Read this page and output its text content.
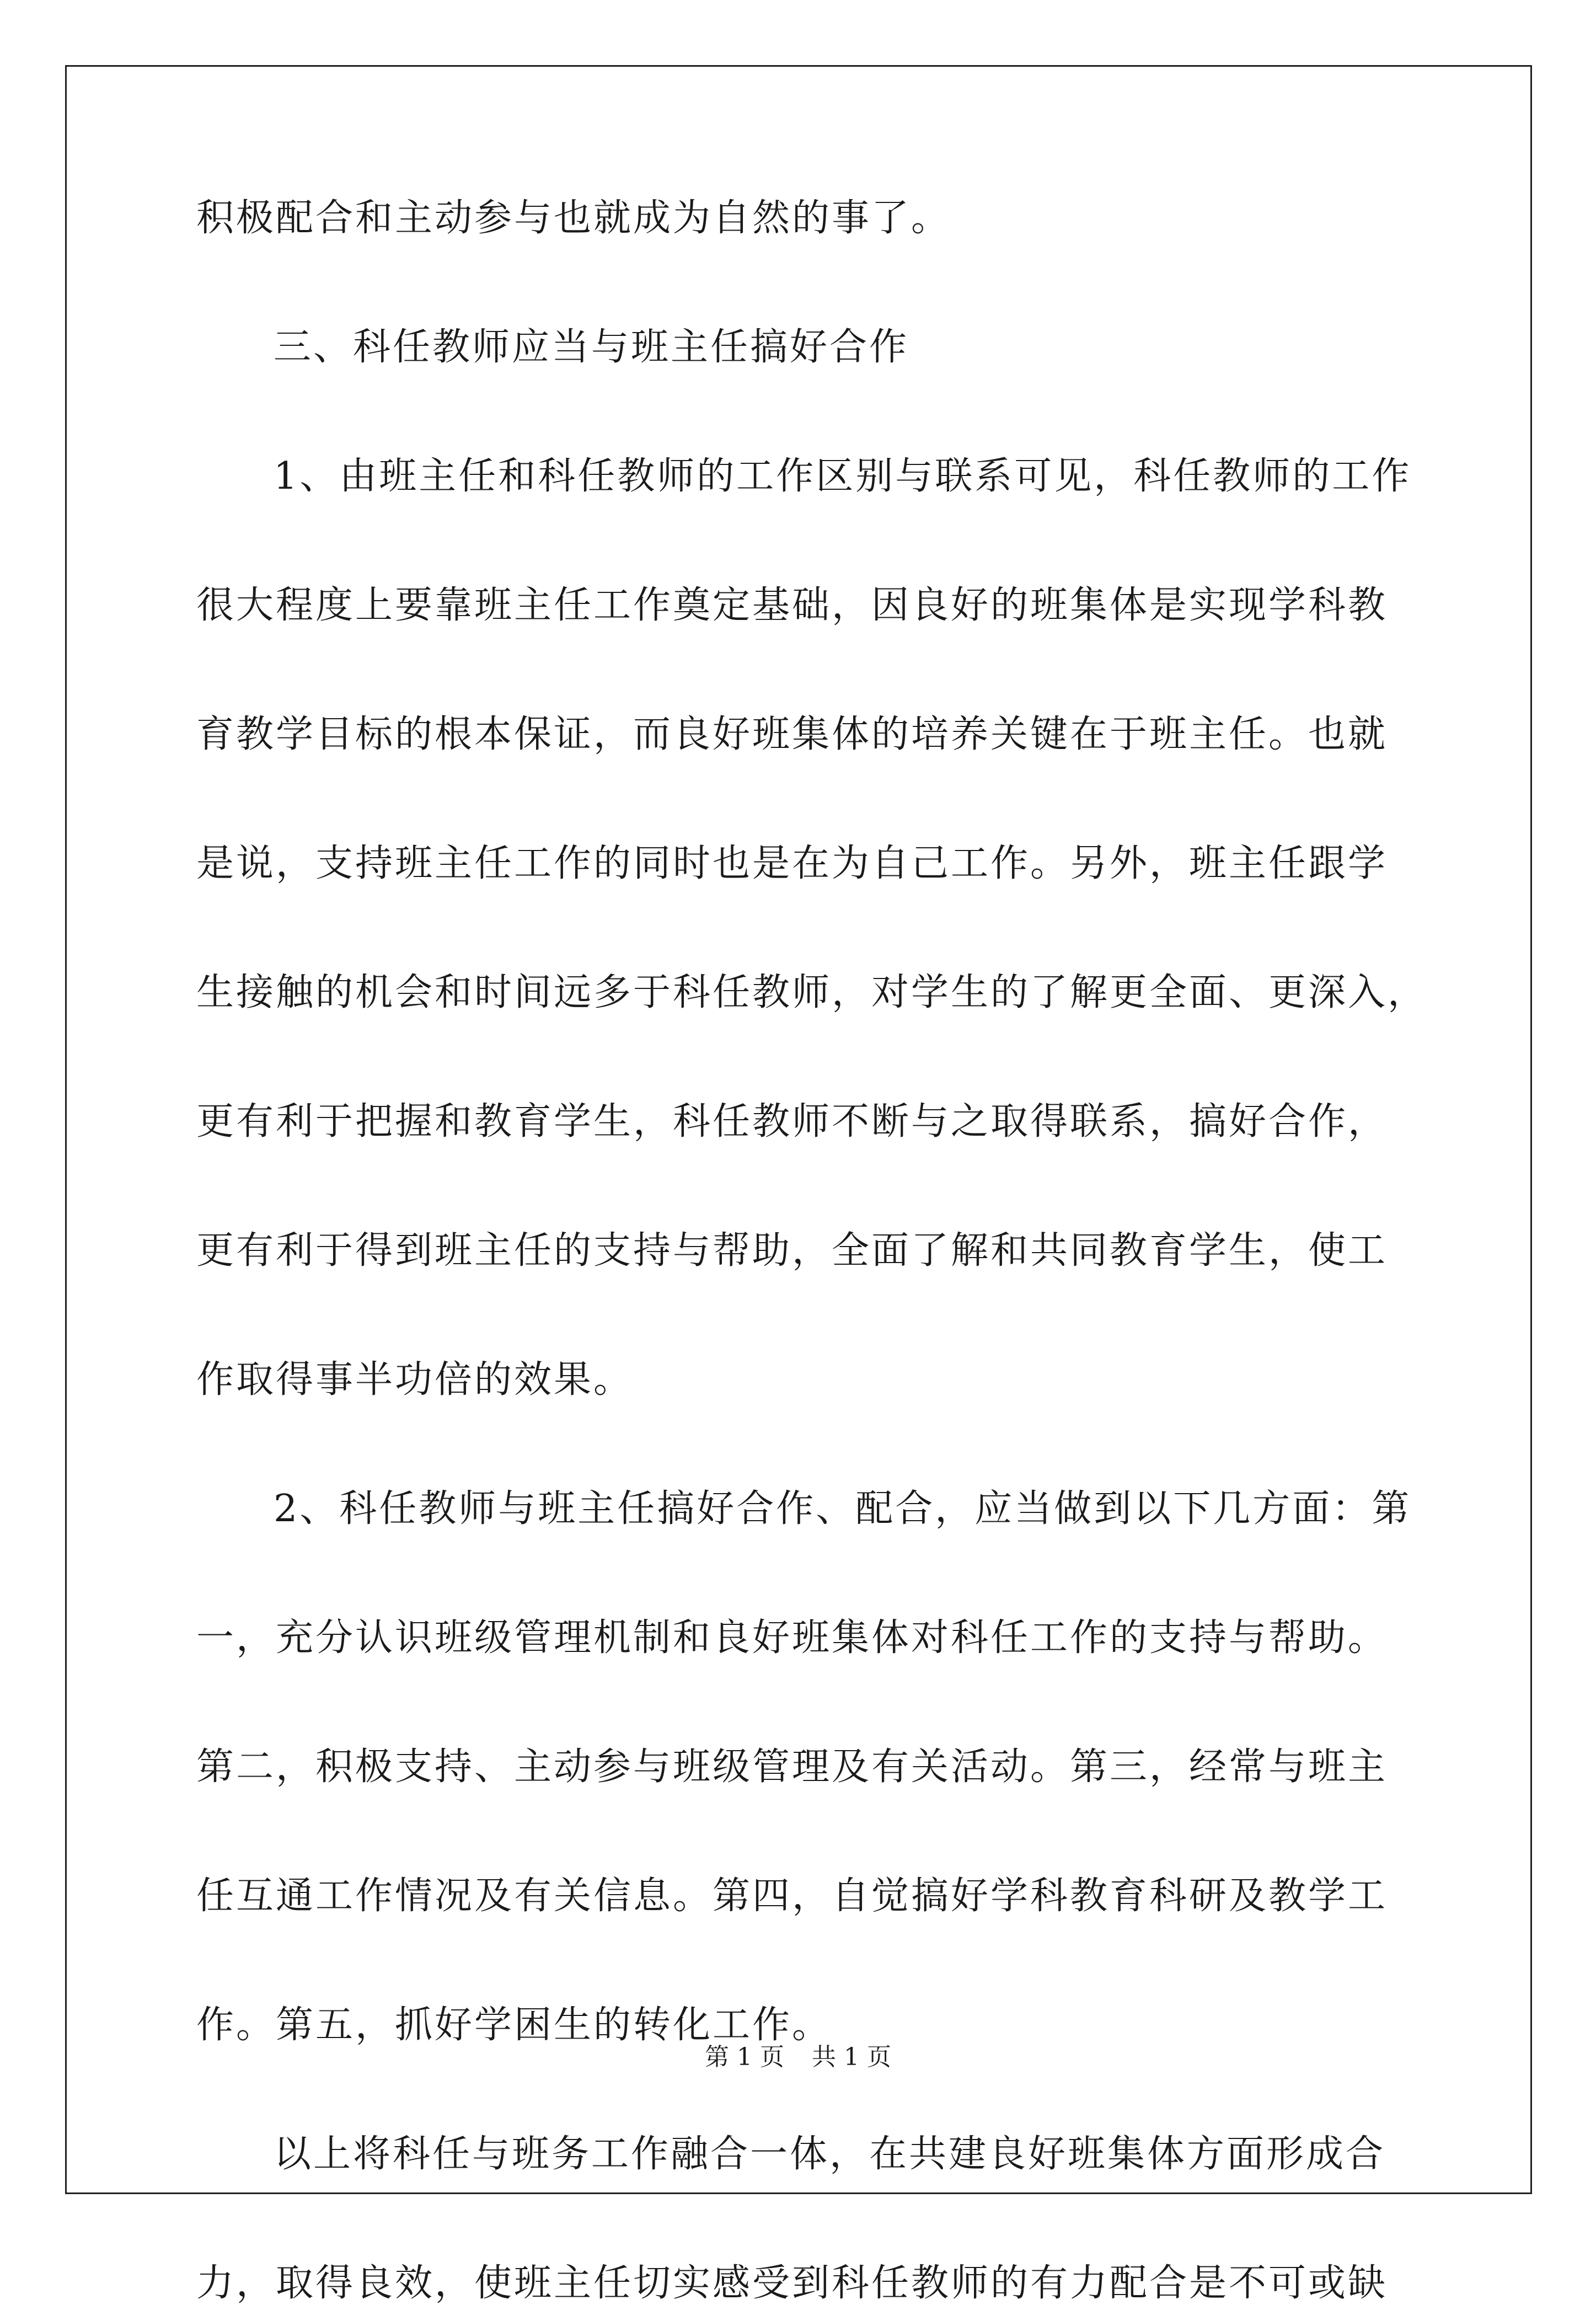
积极配合和主动参与也就成为自然的事了。
三、科任教师应当与班主任搞好合作
1、由班主任和科任教师的工作区别与联系可见，科任教师的工作
很大程度上要靠班主任工作奠定基础，因良好的班集体是实现学科教
育教学目标的根本保证，而良好班集体的培养关键在于班主任。也就
是说，支持班主任工作的同时也是在为自己工作。另外，班主任跟学
生接触的机会和时间远多于科任教师，对学生的了解更全面、更深入，
更有利于把握和教育学生，科任教师不断与之取得联系，搞好合作，
更有利于得到班主任的支持与帮助，全面了解和共同教育学生，使工
作取得事半功倍的效果。
2、科任教师与班主任搞好合作、配合，应当做到以下几方面：第
一，充分认识班级管理机制和良好班集体对科任工作的支持与帮助。
第二，积极支持、主动参与班级管理及有关活动。第三，经常与班主
任互通工作情况及有关信息。第四，自觉搞好学科教育科研及教学工
作。第五，抓好学困生的转化工作。
以上将科任与班务工作融合一体，在共建良好班集体方面形成合
力，取得良效，使班主任切实感受到科任教师的有力配合是不可或缺
第 1 页 共 1 页
